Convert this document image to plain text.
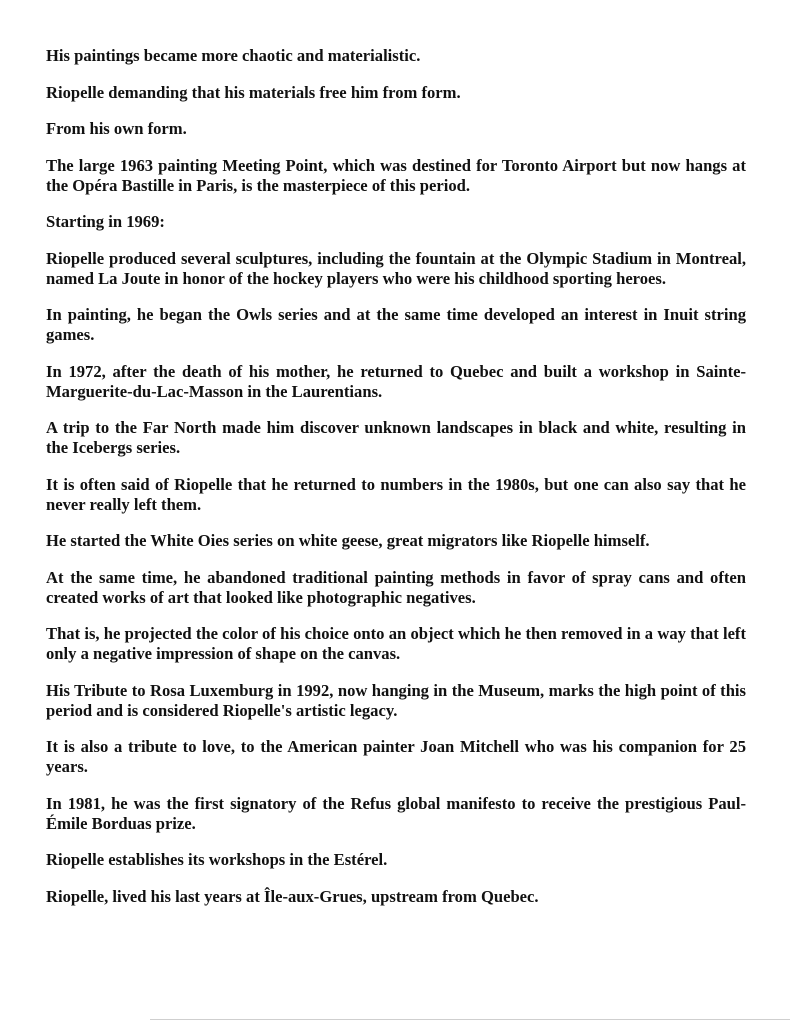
His paintings became more chaotic and materialistic.

Riopelle demanding that his materials free him from form.

From his own form.

The large 1963 painting Meeting Point, which was destined for Toronto Airport but now hangs at the Opéra Bastille in Paris, is the masterpiece of this period.

Starting in 1969:

Riopelle produced several sculptures, including the fountain at the Olympic Stadium in Montreal, named La Joute in honor of the hockey players who were his childhood sporting heroes.

In painting, he began the Owls series and at the same time developed an interest in Inuit string games.

In 1972, after the death of his mother, he returned to Quebec and built a workshop in Sainte-Marguerite-du-Lac-Masson in the Laurentians.

A trip to the Far North made him discover unknown landscapes in black and white, resulting in the Icebergs series.

It is often said of Riopelle that he returned to numbers in the 1980s, but one can also say that he never really left them.

He started the White Oies series on white geese, great migrators like Riopelle himself.

At the same time, he abandoned traditional painting methods in favor of spray cans and often created works of art that looked like photographic negatives.

That is, he projected the color of his choice onto an object which he then removed in a way that left only a negative impression of shape on the canvas.

His Tribute to Rosa Luxemburg in 1992, now hanging in the Museum, marks the high point of this period and is considered Riopelle's artistic legacy.

It is also a tribute to love, to the American painter Joan Mitchell who was his companion for 25 years.

In 1981, he was the first signatory of the Refus global manifesto to receive the prestigious Paul-Émile Borduas prize.

Riopelle establishes its workshops in the Estérel.

Riopelle, lived his last years at Île-aux-Grues, upstream from Quebec.
